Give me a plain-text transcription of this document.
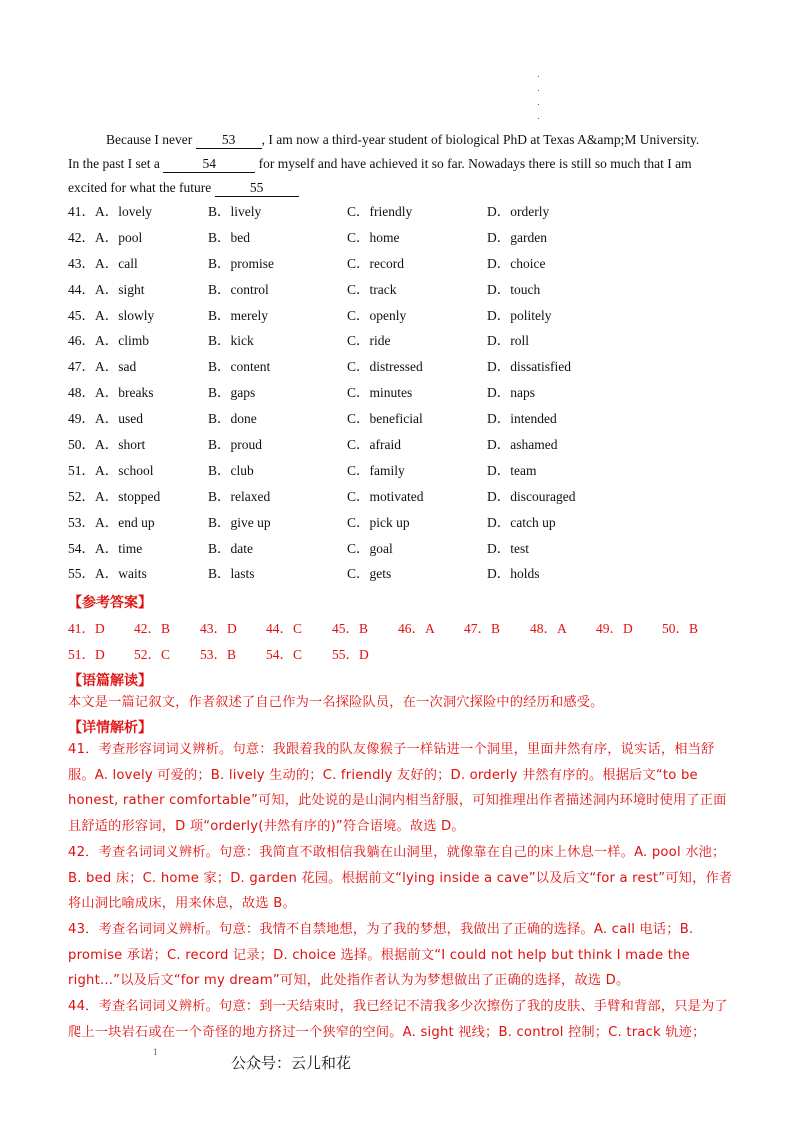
.
.
.
.
Because I never 53 , I am now a third-year student of biological PhD at Texas A&amp;M University.
In the past I set a	54	for myself and have achieved it so far. Nowadays there is still so much that I am
excited for what the future	55
41．A．lovely	B．lively	C．friendly	D．orderly
42．A．pool	B．bed	C．home	D．garden
43．A．call	B．promise	C．record	D．choice
44．A．sight	B．control	C．track	D．touch
45．A．slowly	B．merely	C．openly	D．politely
46．A．climb	B．kick	C．ride	D．roll
47．A．sad	B．content	C．distressed	D．dissatisfied
48．A．breaks	B．gaps	C．minutes	D．naps
49．A．used	B．done	C．beneficial	D．intended
50．A．short	B．proud	C．afraid	D．ashamed
51．A．school	B．club	C．family	D．team
52．A．stopped	B．relaxed	C．motivated	D．discouraged
53．A．end up	B．give up	C．pick up	D．catch up
54．A．time	B．date	C．goal	D．test
55．A．waits	B．lasts	C．gets	D．holds
【参考答案】
41．D 42．B 43．D 44．C 45．B 46．A 47．B 48．A 49．D 50．B
51．D 52．C 53．B 54．C 55．D
【语篇解读】
本文是一篇记叙文，作者叙述了自己作为一名探险队员，在一次洞穴探险中的经历和感受。
【详情解析】
41．考查形容词词义辨析。句意：我跟着我的队友像猴子一样钻进一个洞里，里面井然有序，说实话，相当舒服。A. lovely 可爱的；B. lively 生动的；C. friendly 友好的；D. orderly 井然有序的。根据后文“to be honest, rather comfortable”可知，此处说的是山洞内相当舒服，可知推理出作者描述洞内环境时使用了正面且舒适的形容词，D 项“orderly(井然有序的)”符合语境。故选 D。
42．考查名词词义辨析。句意：我简直不敢相信我躺在山洞里，就像靠在自己的床上休息一样。A. pool 水池；B. bed 床；C. home 家；D. garden 花园。根据前文“lying inside a cave”以及后文“for a rest”可知，作者将山洞比喻成床，用来休息，故选 B。
43．考查名词词义辨析。句意：我情不自禁地想，为了我的梦想，我做出了正确的选择。A. call 电话；B. promise 承诺；C. record 记录；D. choice 选择。根据前文“I could not help but think I made the right...”以及后文“for my dream”可知，此处指作者认为为梦想做出了正确的选择，故选 D。
44．考查名词词义辨析。句意：到一天结束时，我已经记不清我多少次擦伤了我的皮肤、手臂和背部，只是为了爬上一块岩石或在一个奇怪的地方挤过一个狭窄的空间。A. sight 视线；B. control 控制；C. track 轨迹；
1
公众号：云儿和花
